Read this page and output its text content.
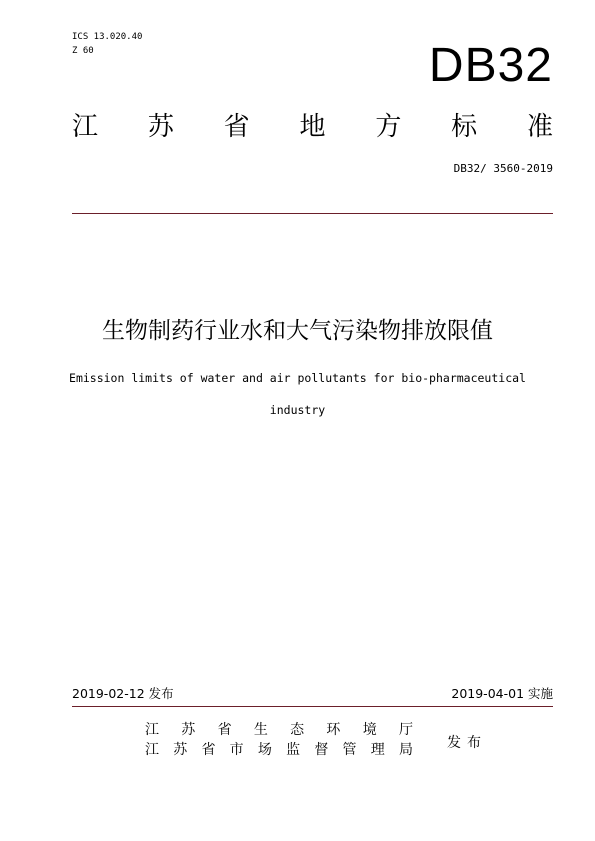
ICS 13.020.40
Z 60	DB32
江 苏 省 地 方 标 准
DB32/ 3560-2019
生物制药行业水和大气污染物排放限值
Emission limits of water and air pollutants for bio-pharmaceutical industry
2019-02-12 发布	2019-04-01 实施
江 苏 省 生 态 环 境 厅
江 苏 省 市 场 监 督 管 理 局 发布
